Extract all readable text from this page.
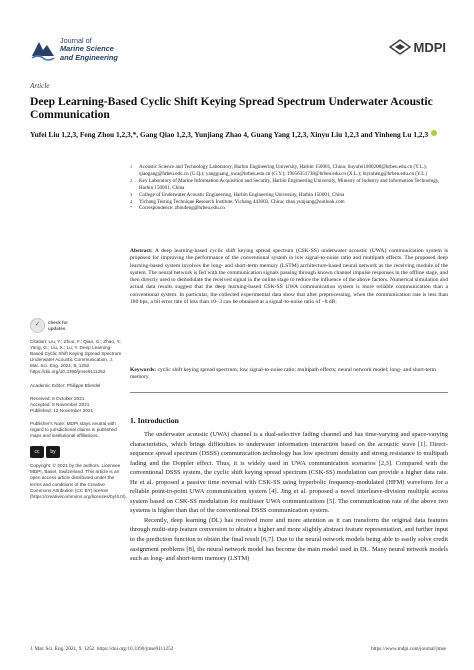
Journal of
Marine Science
and Engineering
MDPI
Article
Deep Learning-Based Cyclic Shift Keying Spread Spectrum Underwater Acoustic Communication
Yufei Liu 1,2,3, Feng Zhou 1,2,3,*, Gang Qiao 1,2,3, Yunjiang Zhao 4, Guang Yang 1,2,3, Xinyu Liu 1,2,3 and Yinheng Lu 1,2,3
1	Acoustic Science and Technology Laboratory, Harbin Engineering University, Harbin 150001, China; liuyufei1000208@hrbeu.edu.cn (Y.L.); qiaogang@hrbeu.edu.cn (G.Q.); yangguang_uwa@hrbeu.edu.cn (G.Y.); 19056351738@hrbeu.edu.cn (X.L.); luyinheng@hrbeu.edu.cn (Y.L.)
2	Key Laboratory of Marine Information Acquisition and Security, Harbin Engineering University, Ministry of Industry and Information Technology, Harbin 150001, China
3	College of Underwater Acoustic Engineering, Harbin Engineering University, Harbin 150001, China
4	Yichang Testing Technique Research Institute, Yichang 443003, China; zhao.yunjiang@outlook.com
*	Correspondence: zhoufeng@hrbeu.edu.cn
Abstract: A deep learning-based cyclic shift keying spread spectrum (CSK-SS) underwater acoustic (UWA) communication system is proposed for improving the performance of the conventional system in low signal-to-noise ratio and multipath effects. The proposed deep learning-based system involves the long- and short-term memory (LSTM) architecture-based neural network as the receiving module of the system. The neural network is fed with the communication signals passing through known channel impulse responses in the offline stage, and then directly used to demodulate the received signal in the online stage to reduce the influence of the above factors. Numerical simulation and actual data results suggest that the deep learning-based CSK-SS UWA communication system is more reliable communication than a conventional system. In particular, the collected experimental data show that after preprocessing, when the communication rate is less than 180 bps, a bit error rate of less than 10−3 can be obtained at a signal-to-noise ratio of −8 dB.
Keywords: cyclic shift keying spread spectrum; low signal-to-noise ratio; multipath effects; neural network model; long- and short-term memory
✓	check for
updates
Citation: Liu, Y.; Zhou, F.; Qiao, G.; Zhao, Y.; Yang, G.; Liu, X.; Lu, Y. Deep Learning-Based Cyclic Shift Keying Spread Spectrum Underwater Acoustic Communication. J. Mar. Sci. Eng. 2021, 9, 1252. https://doi.org/10.3390/jmse9111252
Academic Editor: Philippe Blondel
Received: 6 October 2021
Accepted: 8 November 2021
Published: 12 November 2021
Publisher's Note: MDPI stays neutral with regard to jurisdictional claims in published maps and institutional affiliations.
cc	by
Copyright: © 2021 by the authors. Licensee MDPI, Basel, Switzerland. This article is an open access article distributed under the terms and conditions of the Creative Commons Attribution (CC BY) license (https://creativecommons.org/licenses/by/4.0/).
1. Introduction

The underwater acoustic (UWA) channel is a dual-selective fading channel and has time-varying and space-varying characteristics, which brings difficulties to underwater information interaction based on the acoustic wave [1]. Direct-sequence spread spectrum (DSSS) communication technology has low spectrum density and strong resistance to multipath fading and the Doppler effect. Thus, it is widely used in UWA communication scenarios [2,3]. Compared with the conventional DSSS system, the cyclic shift keying spread spectrum (CSK-SS) modulation can provide a higher data rate. He et al. proposed a passive time reversal with CSK-SS using hyperbolic frequency-modulated (HFM) waveform for a reliable point-to-point UWA communication system [4]. Jing et al. proposed a novel interleave-division multiple access system based on CSK-SS modulation for multiuser UWA communications [5]. The communication rate of the above two systems is higher than that of the conventional DSSS communication system.

Recently, deep learning (DL) has received more and more attention as it can transform the original data features through multi-step feature conversion to obtain a higher and more slightly abstract feature representation, and further input to the prediction function to obtain the final result [6,7]. Due to the neural network models being able to easily solve credit assignment problems [8], the neural network model has become the main model used in DL. Many neural network models such as long- and short-term memory (LSTM)

J. Mar. Sci. Eng. 2021, 9, 1252. https://doi.org/10.3390/jmse9111252	https://www.mdpi.com/journal/jmse
